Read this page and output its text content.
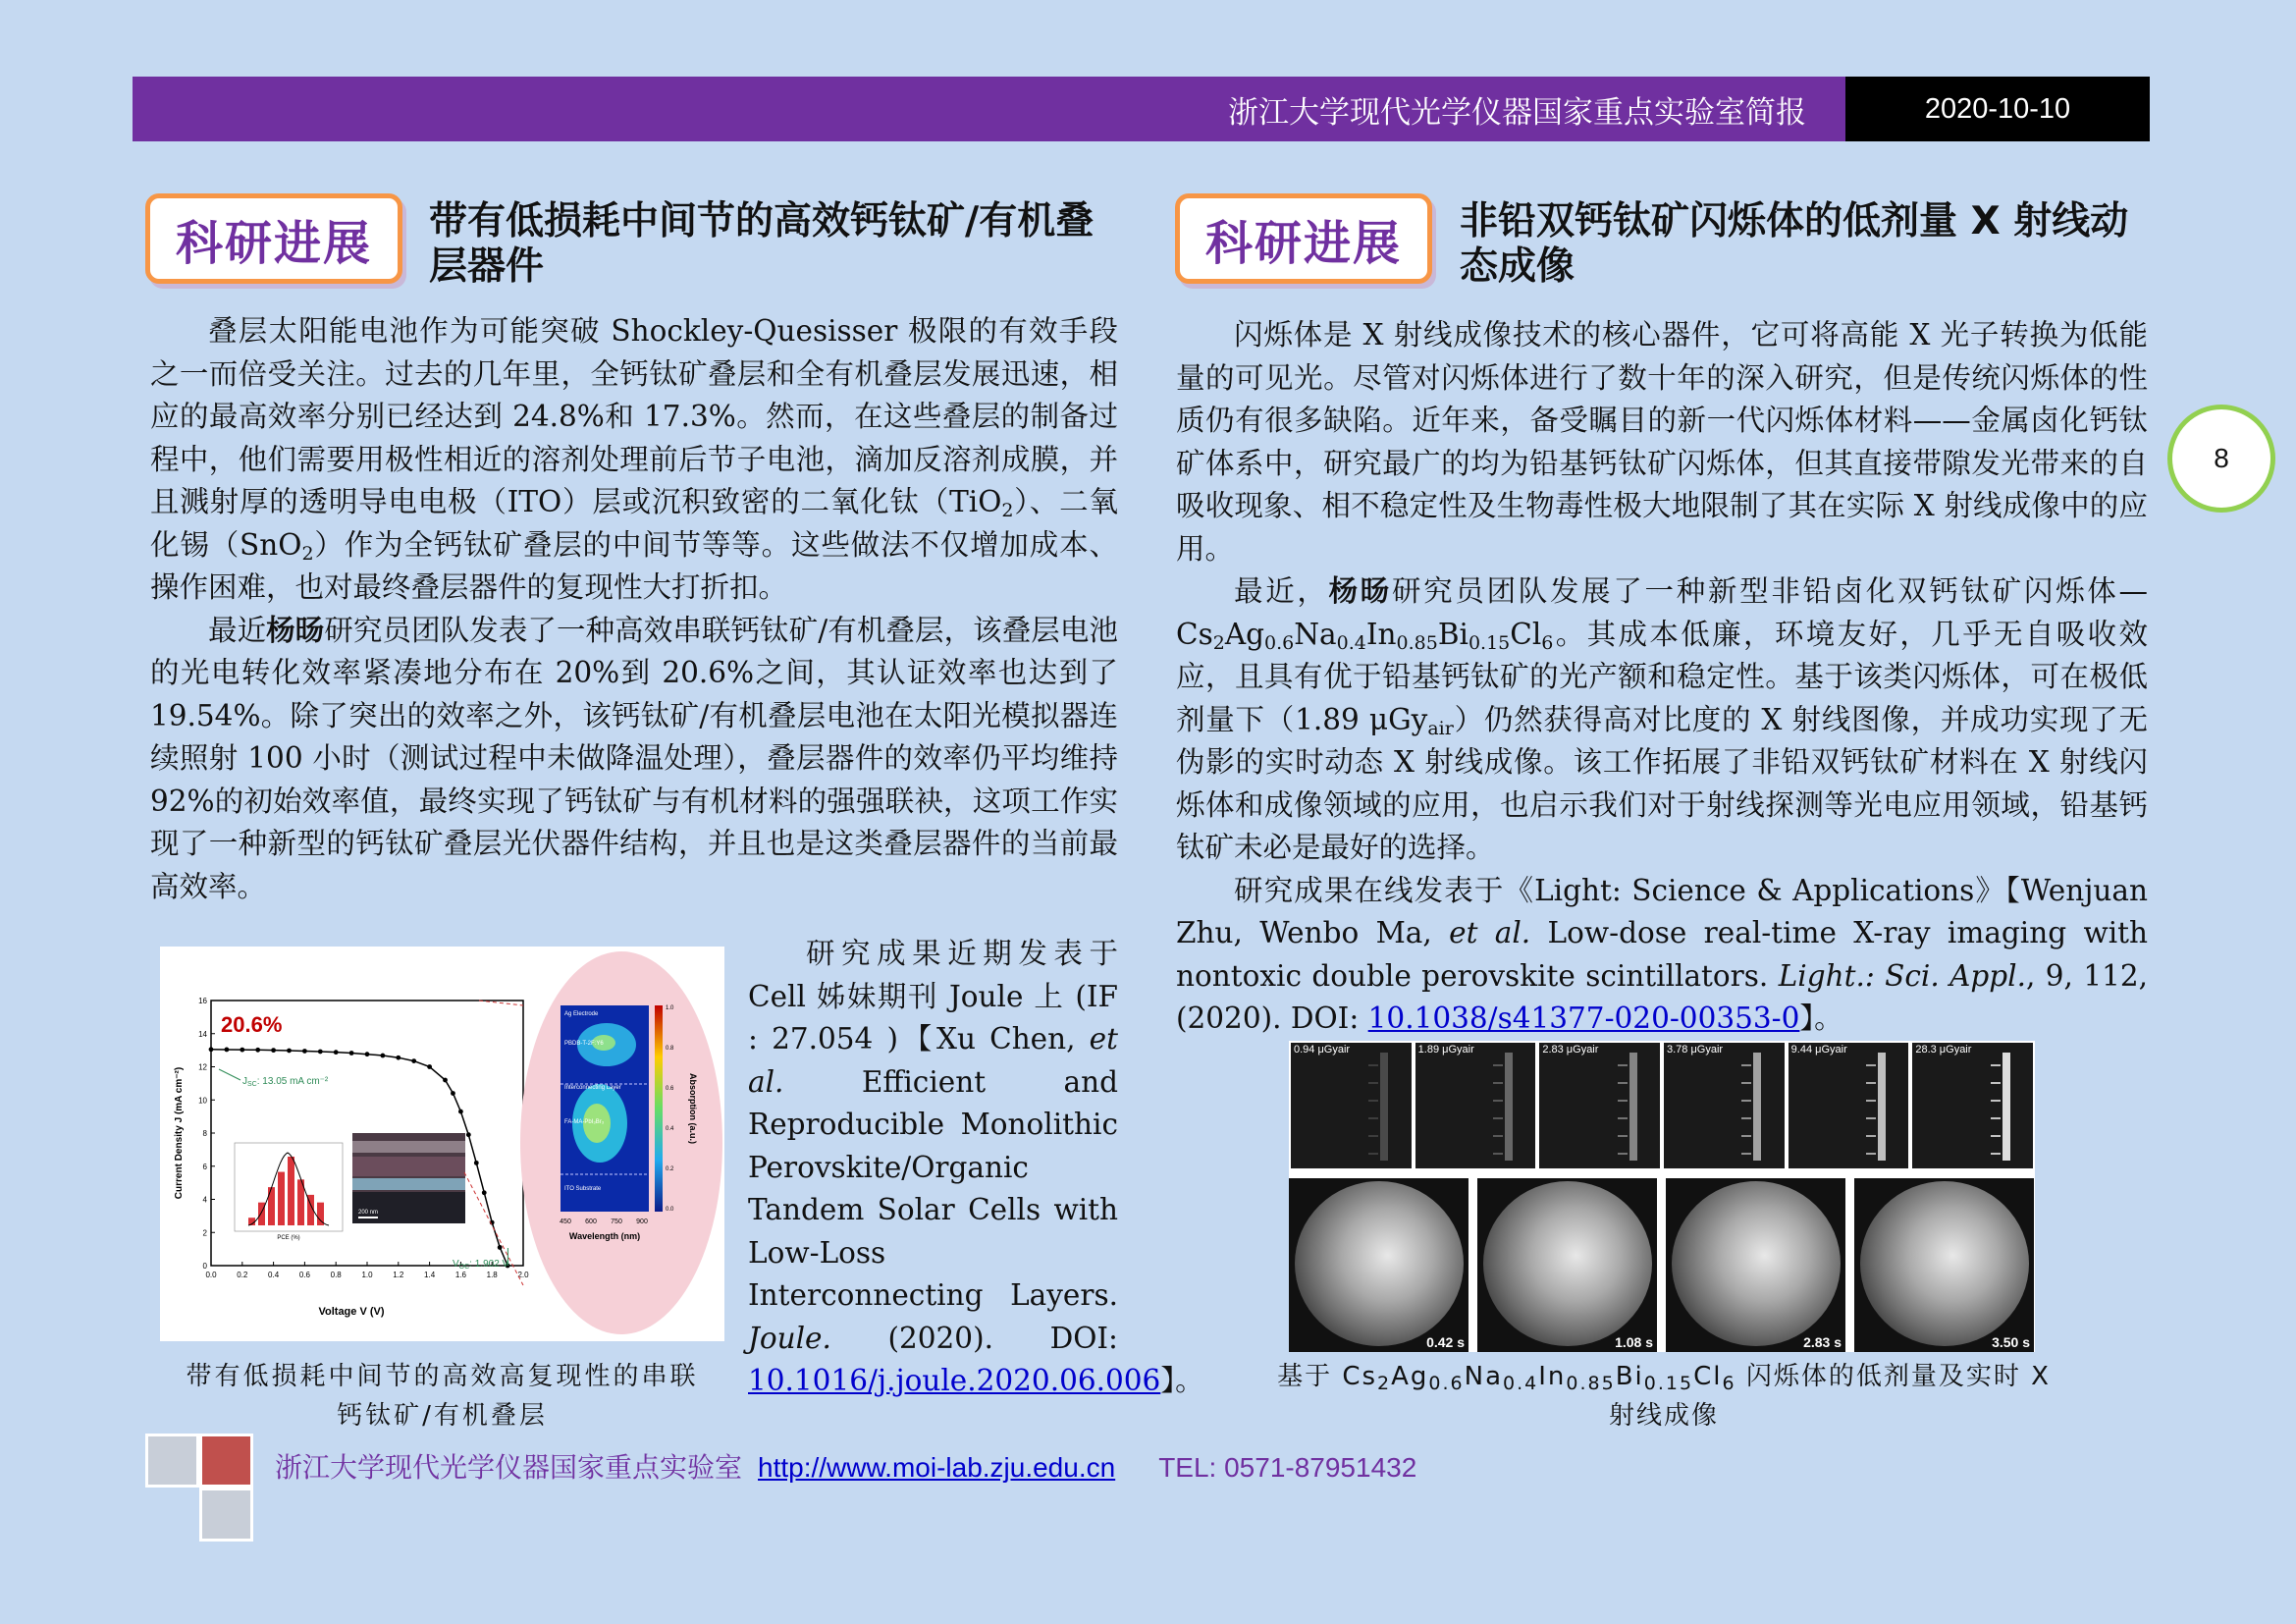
浙江大学现代光学仪器国家重点实验室简报	2020-10-10
8
科研进展	带有低损耗中间节的高效钙钛矿/有机叠层器件

叠层太阳能电池作为可能突破 Shockley-Quesisser 极限的有效手段之一而倍受关注。过去的几年里，全钙钛矿叠层和全有机叠层发展迅速，相应的最高效率分别已经达到 24.8%和 17.3%。然而，在这些叠层的制备过程中，他们需要用极性相近的溶剂处理前后节子电池，滴加反溶剂成膜，并且溅射厚的透明导电电极（ITO）层或沉积致密的二氧化钛（TiO$_2$）、二氧化锡（SnO$_2$）作为全钙钛矿叠层的中间节等等。这些做法不仅增加成本、操作困难，也对最终叠层器件的复现性大打折扣。

最近杨旸研究员团队发表了一种高效串联钙钛矿/有机叠层，该叠层电池的光电转化效率紧凑地分布在 20%到 20.6%之间，其认证效率也达到了 19.54%。除了突出的效率之外，该钙钛矿/有机叠层电池在太阳光模拟器连续照射 100 小时（测试过程中未做降温处理），叠层器件的效率仍平均维持 92%的初始效率值，最终实现了钙钛矿与有机材料的强强联袂，这项工作实现了一种新型的钙钛矿叠层光伏器件结构，并且也是这类叠层器件的当前最高效率。

研究成果近期发表于 Cell 姊妹期刊 Joule 上 (IF : 27.054 )【Xu Chen, et al. Efficient and Reproducible Monolithic Perovskite/Organic Tandem Solar Cells with Low-Loss Interconnecting Layers. Joule. (2020). DOI: 10.1016/j.joule.2020.06.006】。

0
2
4
6
8
10
12
14
16
0.0	0.2	0.4	0.6	0.8	1.0	1.2	1.4	1.6	1.8	2.0
20.6%
$J_{SC}$: 13.05 mA cm⁻²
$V_{OC}$: 1.902 V
Voltage V (V)
Current Density J (mA cm⁻²)
PCE (%)
200 nm
Ag Electrode
PBDB-T-2F:Y6
Interconnecting Layer
FA-MA-PbI₃Br₃
ITO Substrate
1.0
0.8
0.6
0.4
0.2
0.0
Absorption (a.u.)
450 600 750 900
Wavelength (nm)
带有低损耗中间节的高效高复现性的串联
钙钛矿/有机叠层
科研进展	非铅双钙钛矿闪烁体的低剂量 X 射线动态成像

闪烁体是 X 射线成像技术的核心器件，它可将高能 X 光子转换为低能量的可见光。尽管对闪烁体进行了数十年的深入研究，但是传统闪烁体的性质仍有很多缺陷。近年来，备受瞩目的新一代闪烁体材料——金属卤化钙钛矿体系中，研究最广的均为铅基钙钛矿闪烁体，但其直接带隙发光带来的自吸收现象、相不稳定性及生物毒性极大地限制了其在实际 X 射线成像中的应用。

最近，杨旸研究员团队发展了一种新型非铅卤化双钙钛矿闪烁体$—Cs_2Ag_{0.6}Na_{0.4}In_{0.85}Bi_{0.15}Cl_6$。其成本低廉，环境友好，几乎无自吸收效应，且具有优于铅基钙钛矿的光产额和稳定性。基于该类闪烁体，可在极低剂量下（1.89 μGy$_{air}$）仍然获得高对比度的 X 射线图像，并成功实现了无伪影的实时动态 X 射线成像。该工作拓展了非铅双钙钛矿材料在 X 射线闪烁体和成像领域的应用，也启示我们对于射线探测等光电应用领域，铅基钙钛矿未必是最好的选择。

研究成果在线发表于《Light: Science & Applications》【Wenjuan Zhu, Wenbo Ma, et al. Low-dose real-time X-ray imaging with nontoxic double perovskite scintillators. Light.: Sci. Appl., 9, 112, (2020). DOI: 10.1038/s41377-020-00353-0】。

0.94 μGyair	1.89 μGyair	2.83 μGyair	3.78 μGyair	9.44 μGyair	28.3 μGyair
0.42 s	1.08 s	2.83 s	3.50 s
基于 $Cs_2Ag_{0.6}Na_{0.4}In_{0.85}Bi_{0.15}Cl_6$ 闪烁体的低剂量及实时 X 射线成像
浙江大学现代光学仪器国家重点实验室 http://www.moi-lab.zju.edu.cn TEL: 0571-87951432
